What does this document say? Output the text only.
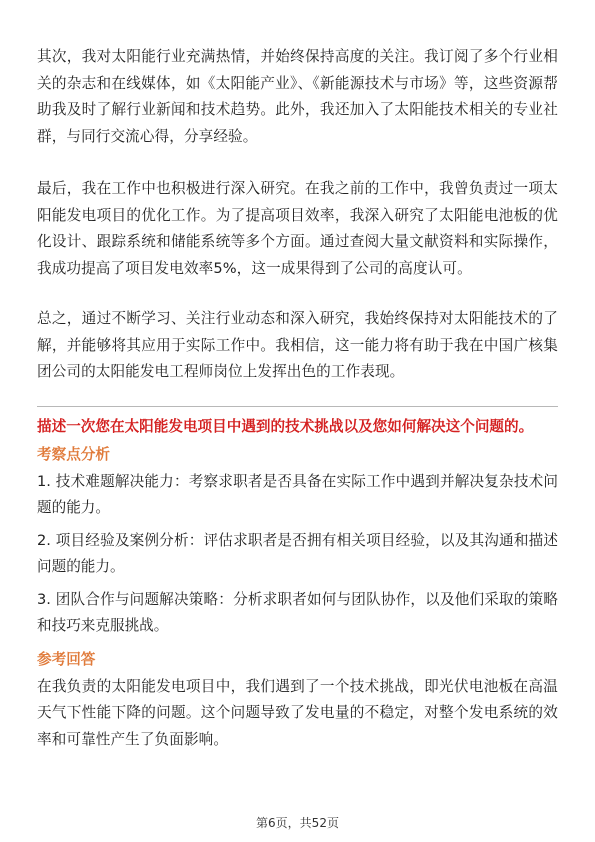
其次，我对太阳能行业充满热情，并始终保持高度的关注。我订阅了多个行业相关的杂志和在线媒体，如《太阳能产业》、《新能源技术与市场》等，这些资源帮助我及时了解行业新闻和技术趋势。此外，我还加入了太阳能技术相关的专业社群，与同行交流心得，分享经验。

最后，我在工作中也积极进行深入研究。在我之前的工作中，我曾负责过一项太阳能发电项目的优化工作。为了提高项目效率，我深入研究了太阳能电池板的优化设计、跟踪系统和储能系统等多个方面。通过查阅大量文献资料和实际操作，我成功提高了项目发电效率5%，这一成果得到了公司的高度认可。

总之，通过不断学习、关注行业动态和深入研究，我始终保持对太阳能技术的了解，并能够将其应用于实际工作中。我相信，这一能力将有助于我在中国广核集团公司的太阳能发电工程师岗位上发挥出色的工作表现。

描述一次您在太阳能发电项目中遇到的技术挑战以及您如何解决这个问题的。

考察点分析

1. 技术难题解决能力：考察求职者是否具备在实际工作中遇到并解决复杂技术问题的能力。

2. 项目经验及案例分析：评估求职者是否拥有相关项目经验，以及其沟通和描述问题的能力。

3. 团队合作与问题解决策略：分析求职者如何与团队协作，以及他们采取的策略和技巧来克服挑战。

参考回答

在我负责的太阳能发电项目中，我们遇到了一个技术挑战，即光伏电池板在高温天气下性能下降的问题。这个问题导致了发电量的不稳定，对整个发电系统的效率和可靠性产生了负面影响。

第6页，共52页
